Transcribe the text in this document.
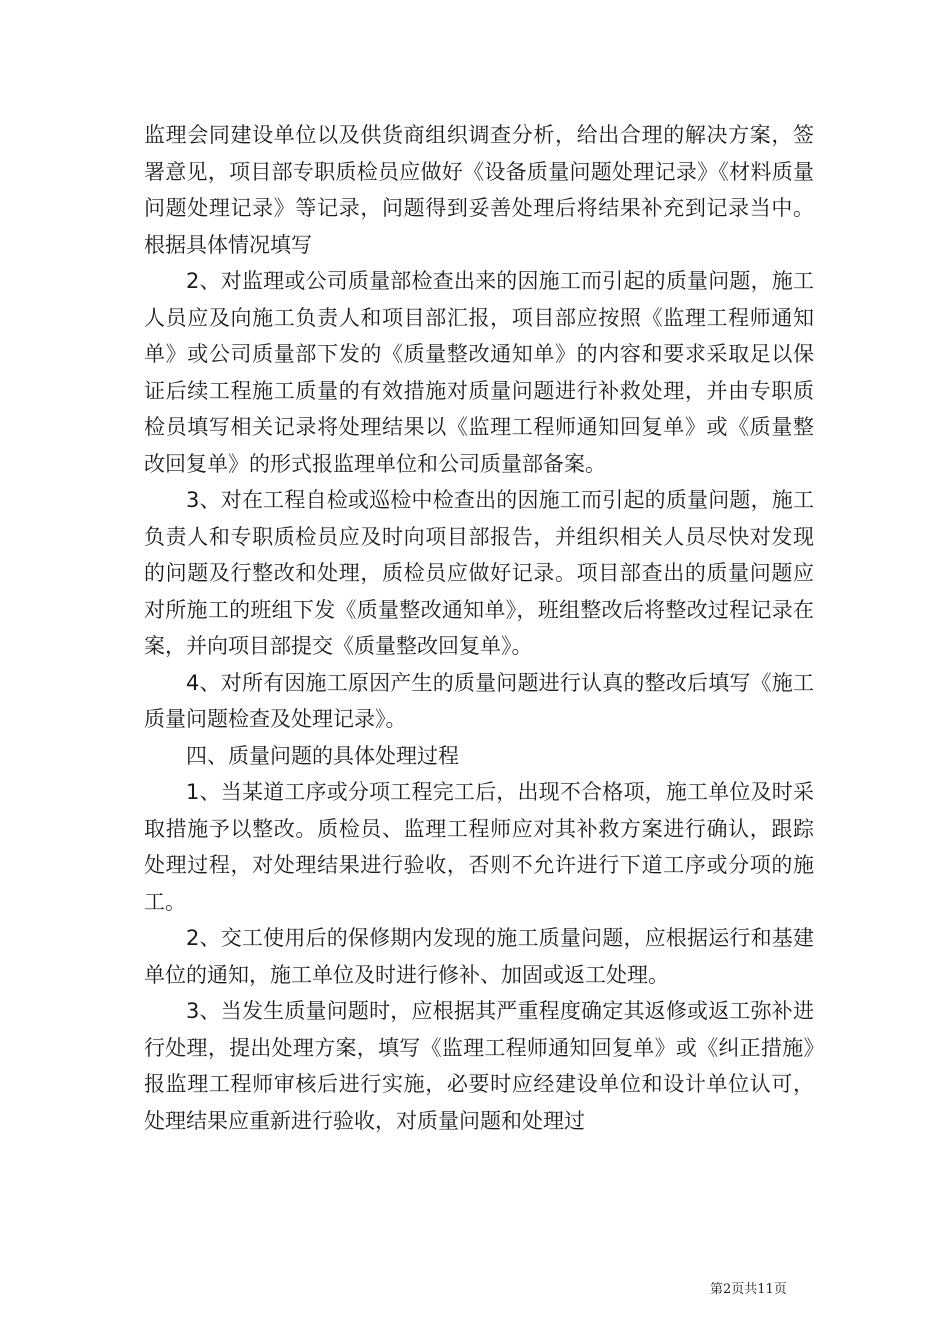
监理会同建设单位以及供货商组织调查分析，给出合理的解决方案，签署意见，项目部专职质检员应做好《设备质量问题处理记录》《材料质量问题处理记录》等记录，问题得到妥善处理后将结果补充到记录当中。根据具体情况填写

2、对监理或公司质量部检查出来的因施工而引起的质量问题，施工人员应及向施工负责人和项目部汇报，项目部应按照《监理工程师通知单》或公司质量部下发的《质量整改通知单》的内容和要求采取足以保证后续工程施工质量的有效措施对质量问题进行补救处理，并由专职质检员填写相关记录将处理结果以《监理工程师通知回复单》或《质量整改回复单》的形式报监理单位和公司质量部备案。

3、对在工程自检或巡检中检查出的因施工而引起的质量问题，施工负责人和专职质检员应及时向项目部报告，并组织相关人员尽快对发现的问题及行整改和处理，质检员应做好记录。项目部查出的质量问题应对所施工的班组下发《质量整改通知单》，班组整改后将整改过程记录在案，并向项目部提交《质量整改回复单》。

4、对所有因施工原因产生的质量问题进行认真的整改后填写《施工质量问题检查及处理记录》。

四、质量问题的具体处理过程

1、当某道工序或分项工程完工后，出现不合格项，施工单位及时采取措施予以整改。质检员、监理工程师应对其补救方案进行确认，跟踪处理过程，对处理结果进行验收，否则不允许进行下道工序或分项的施工。

2、交工使用后的保修期内发现的施工质量问题，应根据运行和基建单位的通知，施工单位及时进行修补、加固或返工处理。

3、当发生质量问题时，应根据其严重程度确定其返修或返工弥补进行处理，提出处理方案，填写《监理工程师通知回复单》或《纠正措施》报监理工程师审核后进行实施，必要时应经建设单位和设计单位认可，处理结果应重新进行验收，对质量问题和处理过

第2页共11页
